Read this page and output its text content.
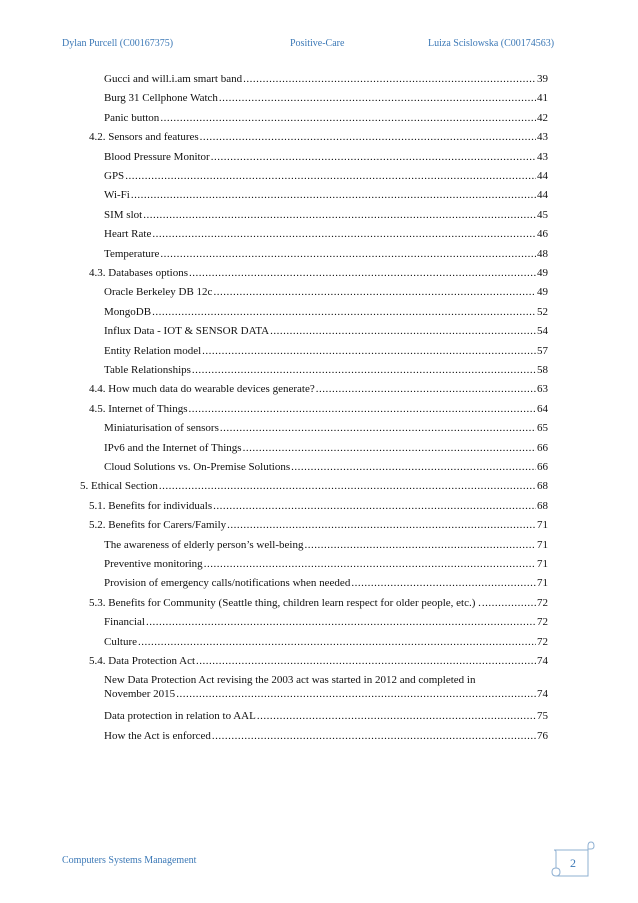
Dylan Purcell (C00167375)	Positive-Care	Luiza Scislowska (C00174563)
Gucci and will.i.am smart band .....	39
Burg 31 Cellphone Watch .....	41
Panic button .....	42
4.2. Sensors and features .....	43
Blood Pressure Monitor .....	43
GPS .....	44
Wi-Fi .....	44
SIM slot .....	45
Heart Rate .....	46
Temperature .....	48
4.3. Databases options .....	49
Oracle Berkeley DB 12c .....	49
MongoDB .....	52
Influx Data - IOT & SENSOR DATA .....	54
Entity Relation model .....	57
Table Relationships .....	58
4.4. How much data do wearable devices generate? .....	63
4.5. Internet of Things .....	64
Miniaturisation of sensors .....	65
IPv6 and the Internet of Things .....	66
Cloud Solutions vs. On-Premise Solutions .....	66
5. Ethical Section .....	68
5.1. Benefits for individuals .....	68
5.2. Benefits for Carers/Family .....	71
The awareness of elderly person’s well-being .....	71
Preventive monitoring .....	71
Provision of emergency calls/notifications when needed .....	71
5.3. Benefits for Community (Seattle thing, children learn respect for older people, etc.) . .....	72
Financial .....	72
Culture .....	72
5.4. Data Protection Act .....	74
New Data Protection Act revising the 2003 act was started in 2012 and completed in
November 2015 .....	74
Data protection in relation to AAL .....	75
How the Act is enforced .....	76
Computers Systems Management	2
